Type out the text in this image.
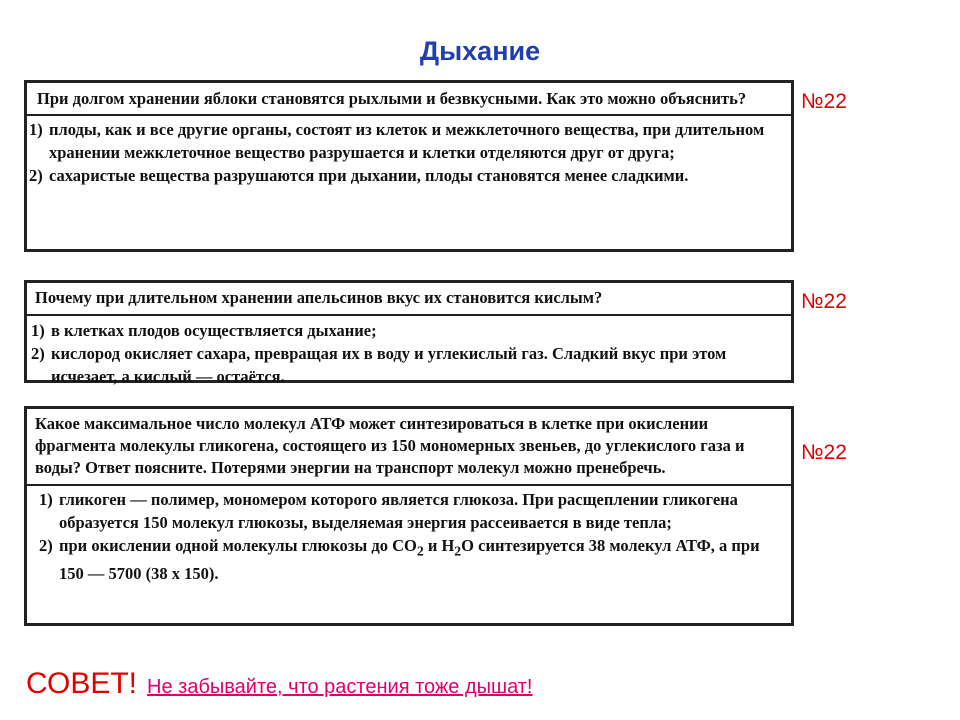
Дыхание
При долгом хранении яблоки становятся рыхлыми и безвкусными. Как это можно объяснить?
1) плоды, как и все другие органы, состоят из клеток и межклеточного вещества, при длительном хранении межклеточное вещество разрушается и клетки отделяются друг от друга;
2) сахаристые вещества разрушаются при дыхании, плоды становятся менее сладкими.
№22
Почему при длительном хранении апельсинов вкус их становится кислым?
1) в клетках плодов осуществляется дыхание;
2) кислород окисляет сахара, превращая их в воду и углекислый газ. Сладкий вкус при этом исчезает, а кислый — остаётся.
№22
Какое максимальное число молекул АТФ может синтезироваться в клетке при окислении фрагмента молекулы гликогена, состоящего из 150 мономерных звеньев, до углекислого газа и воды? Ответ поясните. Потерями энергии на транспорт молекул можно пренебречь.
1) гликоген — полимер, мономером которого является глюкоза. При расщеплении гликогена образуется 150 молекул глюкозы, выделяемая энергия рассеивается в виде тепла;
2) при окислении одной молекулы глюкозы до $СО_2$ и $Н_2О$ синтезируется 38 молекул АТФ, а при 150 — 5700 (38 х 150).
№22
СОВЕТ! Не забывайте, что растения тоже дышат!
